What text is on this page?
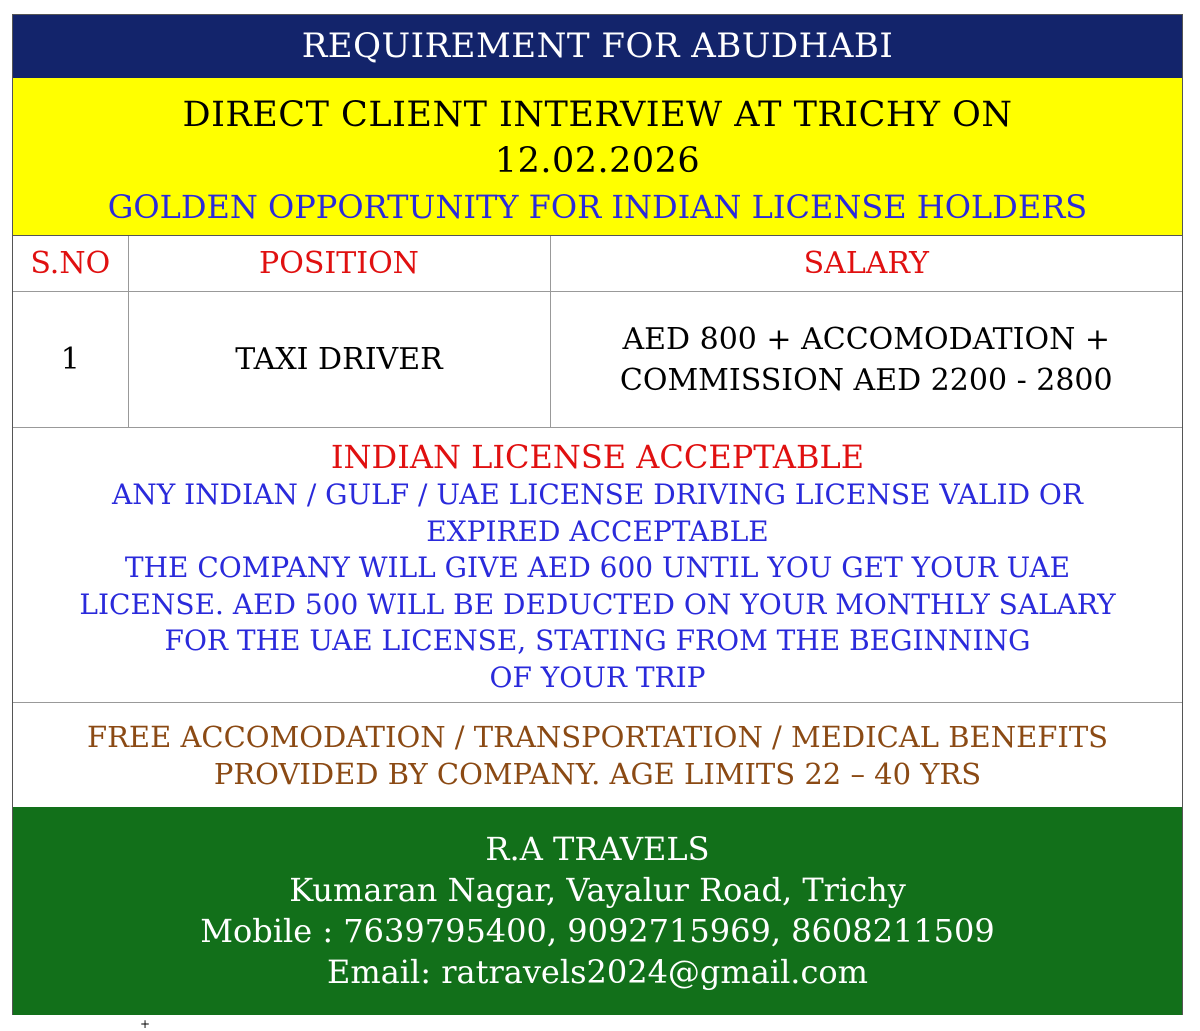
REQUIREMENT FOR ABUDHABI
DIRECT CLIENT INTERVIEW AT TRICHY ON
12.02.2026
GOLDEN OPPORTUNITY FOR INDIAN LICENSE HOLDERS
S.NO	POSITION	SALARY
1	TAXI DRIVER	AED 800 + ACCOMODATION +
COMMISSION AED 2200 - 2800
INDIAN LICENSE ACCEPTABLE
ANY INDIAN / GULF / UAE LICENSE DRIVING LICENSE VALID OR
EXPIRED ACCEPTABLE
THE COMPANY WILL GIVE AED 600 UNTIL YOU GET YOUR UAE
LICENSE. AED 500 WILL BE DEDUCTED ON YOUR MONTHLY SALARY
FOR THE UAE LICENSE, STATING FROM THE BEGINNING
OF YOUR TRIP
FREE ACCOMODATION / TRANSPORTATION / MEDICAL BENEFITS
PROVIDED BY COMPANY. AGE LIMITS 22 – 40 YRS
R.A TRAVELS
Kumaran Nagar, Vayalur Road, Trichy
Mobile : 7639795400, 9092715969, 8608211509
Email: ratravels2024@gmail.com
+
